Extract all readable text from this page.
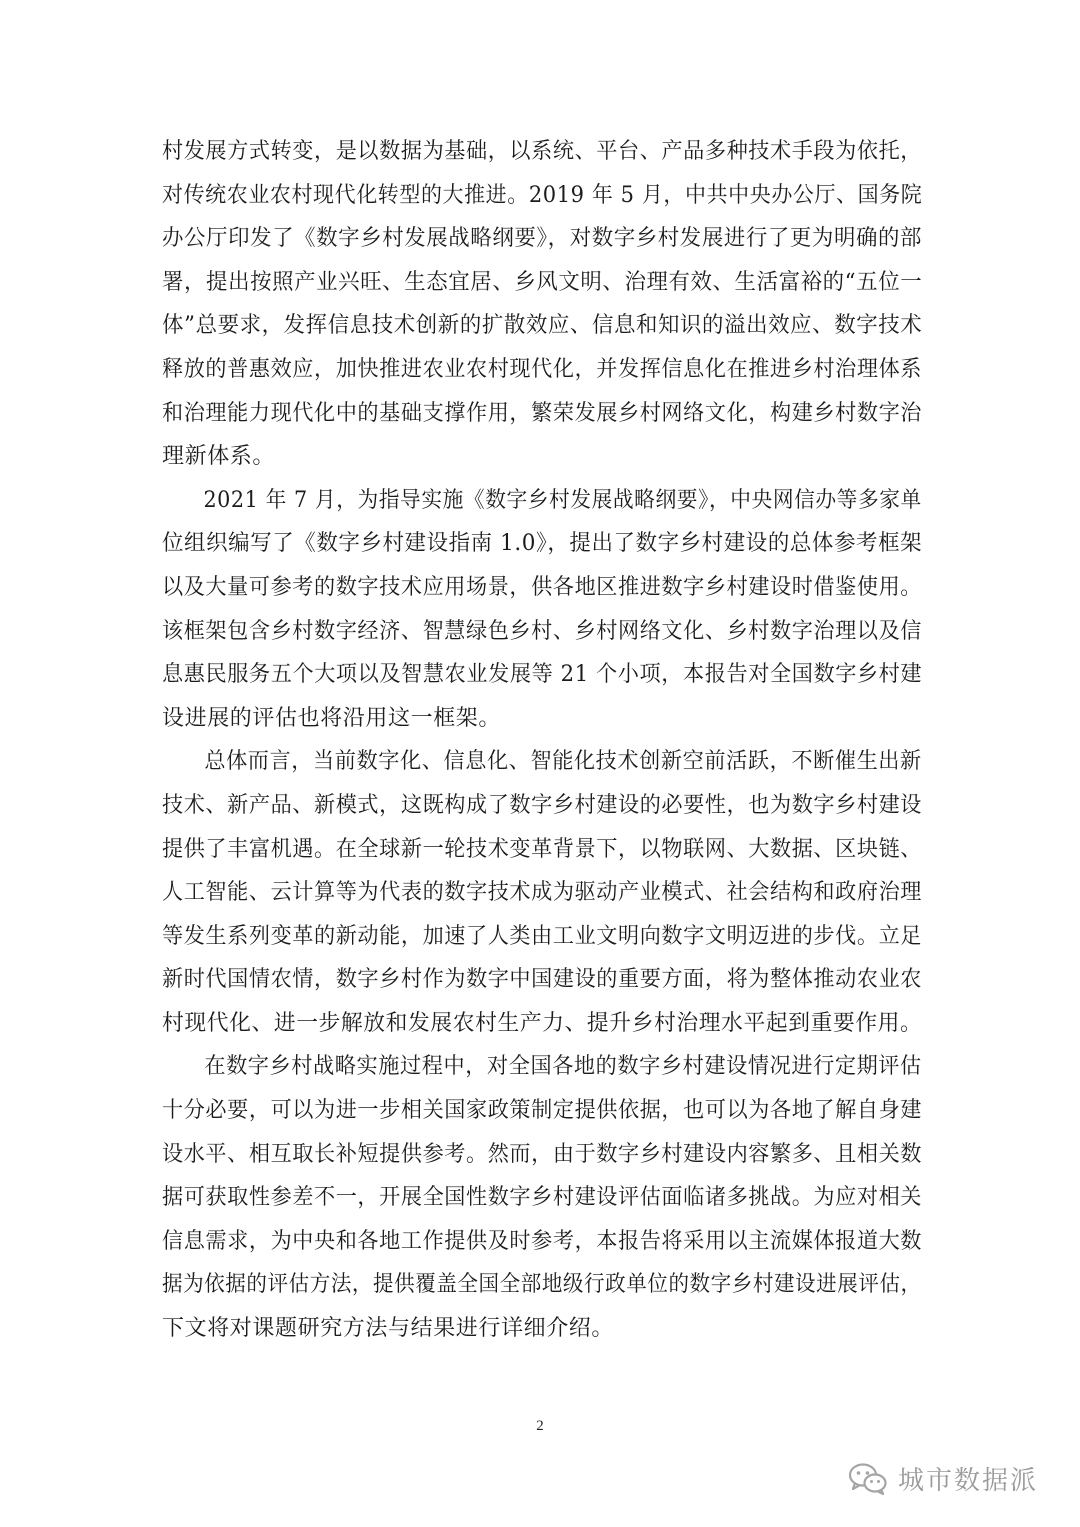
村发展方式转变，是以数据为基础，以系统、平台、产品多种技术手段为依托，
对传统农业农村现代化转型的大推进。2019 年 5 月，中共中央办公厅、国务院
办公厅印发了《数字乡村发展战略纲要》，对数字乡村发展进行了更为明确的部
署，提出按照产业兴旺、生态宜居、乡风文明、治理有效、生活富裕的“五位一
体”总要求，发挥信息技术创新的扩散效应、信息和知识的溢出效应、数字技术
释放的普惠效应，加快推进农业农村现代化，并发挥信息化在推进乡村治理体系
和治理能力现代化中的基础支撑作用，繁荣发展乡村网络文化，构建乡村数字治
理新体系。

2021 年 7 月，为指导实施《数字乡村发展战略纲要》，中央网信办等多家单
位组织编写了《数字乡村建设指南 1.0》，提出了数字乡村建设的总体参考框架
以及大量可参考的数字技术应用场景，供各地区推进数字乡村建设时借鉴使用。
该框架包含乡村数字经济、智慧绿色乡村、乡村网络文化、乡村数字治理以及信
息惠民服务五个大项以及智慧农业发展等 21 个小项，本报告对全国数字乡村建
设进展的评估也将沿用这一框架。

总体而言，当前数字化、信息化、智能化技术创新空前活跃，不断催生出新
技术、新产品、新模式，这既构成了数字乡村建设的必要性，也为数字乡村建设
提供了丰富机遇。在全球新一轮技术变革背景下，以物联网、大数据、区块链、
人工智能、云计算等为代表的数字技术成为驱动产业模式、社会结构和政府治理
等发生系列变革的新动能，加速了人类由工业文明向数字文明迈进的步伐。立足
新时代国情农情，数字乡村作为数字中国建设的重要方面，将为整体推动农业农
村现代化、进一步解放和发展农村生产力、提升乡村治理水平起到重要作用。

在数字乡村战略实施过程中，对全国各地的数字乡村建设情况进行定期评估
十分必要，可以为进一步相关国家政策制定提供依据，也可以为各地了解自身建
设水平、相互取长补短提供参考。然而，由于数字乡村建设内容繁多、且相关数
据可获取性参差不一，开展全国性数字乡村建设评估面临诸多挑战。为应对相关
信息需求，为中央和各地工作提供及时参考，本报告将采用以主流媒体报道大数
据为依据的评估方法，提供覆盖全国全部地级行政单位的数字乡村建设进展评估，
下文将对课题研究方法与结果进行详细介绍。

2
城市数据派
